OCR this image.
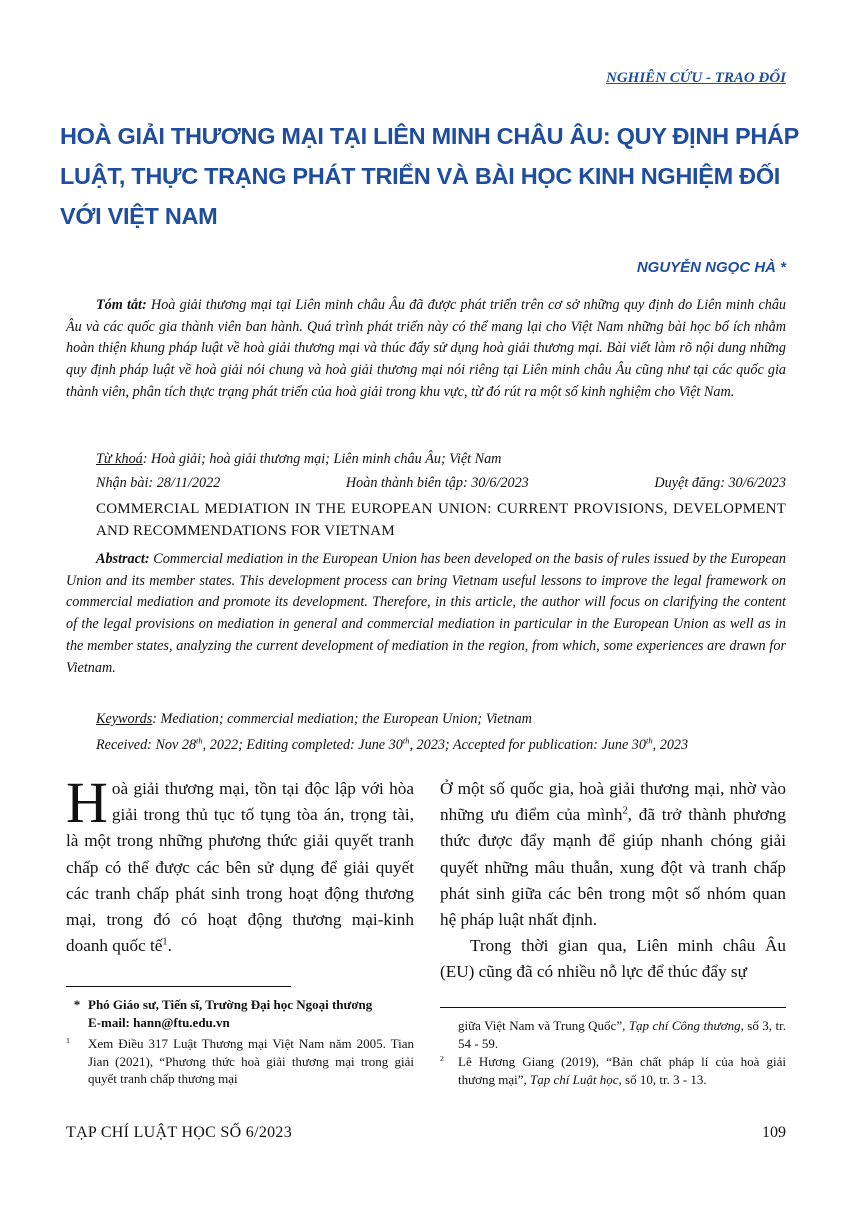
NGHIÊN CỨU - TRAO ĐỔI
HOÀ GIẢI THƯƠNG MẠI TẠI LIÊN MINH CHÂU ÂU: QUY ĐỊNH PHÁP LUẬT, THỰC TRẠNG PHÁT TRIỂN VÀ BÀI HỌC KINH NGHIỆM ĐỐI VỚI VIỆT NAM
NGUYỄN NGỌC HÀ *
Tóm tắt: Hoà giải thương mại tại Liên minh châu Âu đã được phát triển trên cơ sở những quy định do Liên minh châu Âu và các quốc gia thành viên ban hành. Quá trình phát triển này có thể mang lại cho Việt Nam những bài học bổ ích nhằm hoàn thiện khung pháp luật về hoà giải thương mại và thúc đẩy sử dụng hoà giải thương mại. Bài viết làm rõ nội dung những quy định pháp luật về hoà giải nói chung và hoà giải thương mại nói riêng tại Liên minh châu Âu cũng như tại các quốc gia thành viên, phân tích thực trạng phát triển của hoà giải trong khu vực, từ đó rút ra một số kinh nghiệm cho Việt Nam.
Từ khoá: Hoà giải; hoà giải thương mại; Liên minh châu Âu; Việt Nam
Nhận bài: 28/11/2022	Hoàn thành biên tập: 30/6/2023	Duyệt đăng: 30/6/2023
COMMERCIAL MEDIATION IN THE EUROPEAN UNION: CURRENT PROVISIONS, DEVELOPMENT AND RECOMMENDATIONS FOR VIETNAM
Abstract: Commercial mediation in the European Union has been developed on the basis of rules issued by the European Union and its member states. This development process can bring Vietnam useful lessons to improve the legal framework on commercial mediation and promote its development. Therefore, in this article, the author will focus on clarifying the content of the legal provisions on mediation in general and commercial mediation in particular in the European Union as well as in the member states, analyzing the current development of mediation in the region, from which, some experiences are drawn for Vietnam.
Keywords: Mediation; commercial mediation; the European Union; Vietnam
Received: Nov 28th, 2022; Editing completed: June 30th, 2023; Accepted for publication: June 30th, 2023
Hoà giải thương mại, tồn tại độc lập với hòa giải trong thủ tục tố tụng tòa án, trọng tài, là một trong những phương thức giải quyết tranh chấp có thể được các bên sử dụng để giải quyết các tranh chấp phát sinh trong hoạt động thương mại, trong đó có hoạt động thương mại-kinh doanh quốc tế$^1$.
Ở một số quốc gia, hoà giải thương mại, nhờ vào những ưu điểm của mình$^2$, đã trở thành phương thức được đẩy mạnh để giúp nhanh chóng giải quyết những mâu thuẫn, xung đột và tranh chấp phát sinh giữa các bên trong một số nhóm quan hệ pháp luật nhất định.
Trong thời gian qua, Liên minh châu Âu (EU) cũng đã có nhiều nỗ lực để thúc đẩy sự
* Phó Giáo sư, Tiến sĩ, Trường Đại học Ngoại thương
E-mail: hann@ftu.edu.vn
1 Xem Điều 317 Luật Thương mại Việt Nam năm 2005. Tian Jian (2021), “Phương thức hoà giải thương mại trong giải quyết tranh chấp thương mại
giữa Việt Nam và Trung Quốc”, Tạp chí Công thương, số 3, tr. 54 - 59.
2 Lê Hương Giang (2019), “Bản chất pháp lí của hoà giải thương mại”, Tạp chí Luật học, số 10, tr. 3 - 13.
TẠP CHÍ LUẬT HỌC SỐ 6/2023	109
